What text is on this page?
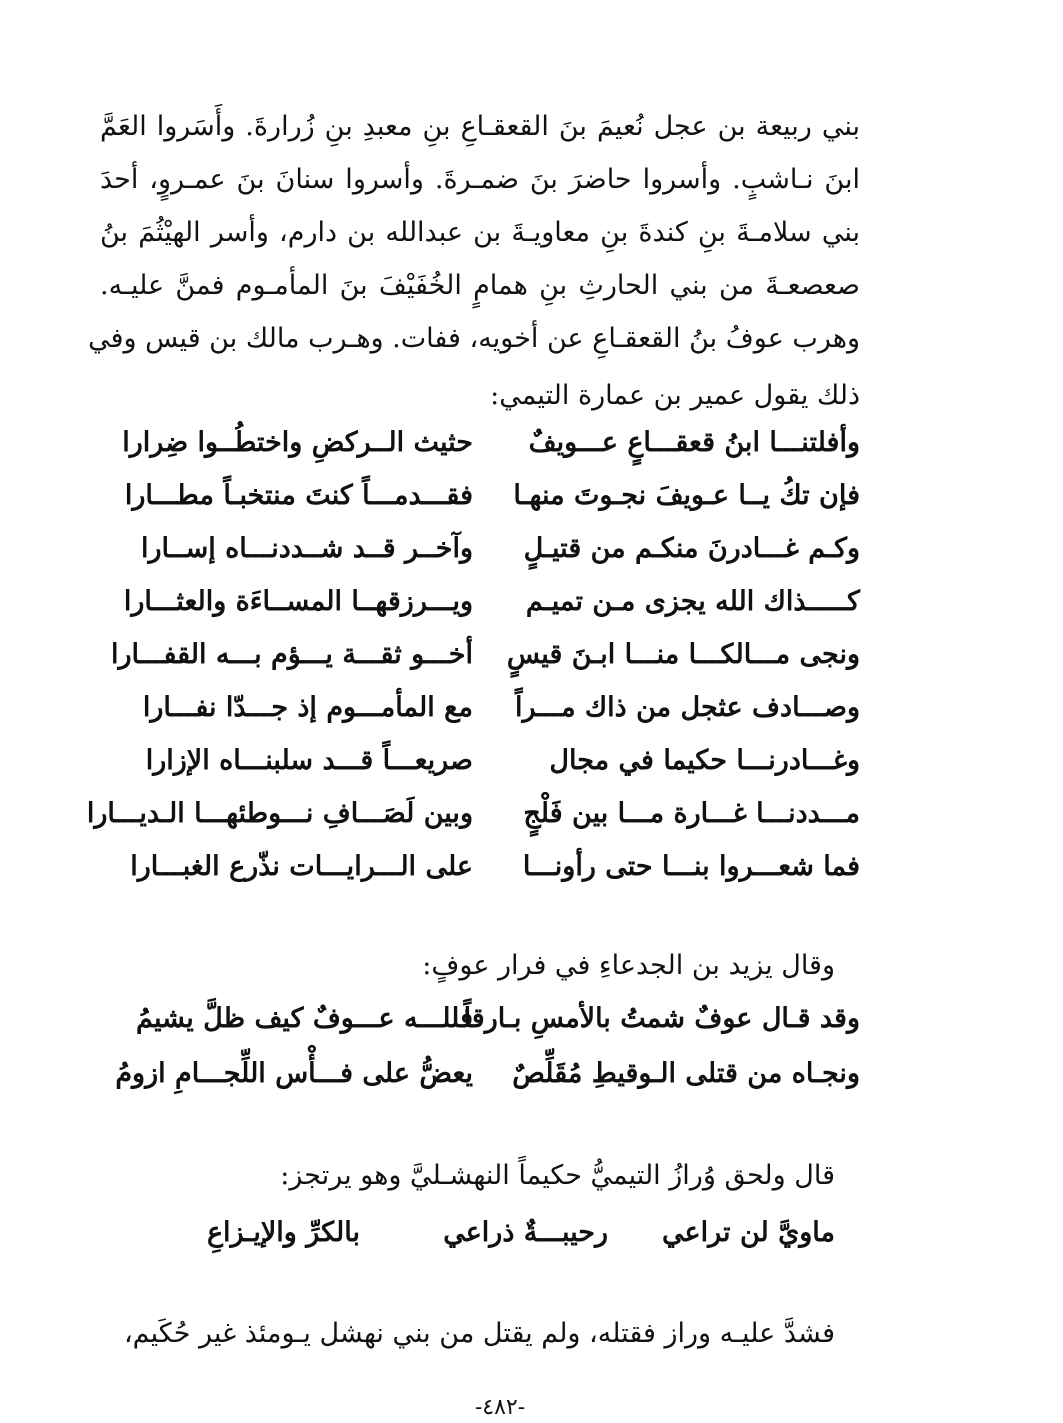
بني ربيعة بن عجل نُعيمَ بنَ القعقـاعِ بنِ معبدِ بنِ زُرارةَ. وأَسَروا العَمَّ
ابنَ نـاشبٍ. وأسروا حاضرَ بنَ ضمـرةَ. وأسروا سنانَ بنَ عمـروٍ، أحدَ
بني سلامـةَ بنِ كندةَ بنِ معاويـةَ بن عبدالله بن دارم، وأسر الهيْثُمَ بنُ
صعصعـةَ من بني الحارثِ بنِ همامٍ الخُفَيْفَ بنَ المأمـوم فمنَّ عليـه.
وهرب عوفُ بنُ القعقـاعِ عن أخويه، ففات. وهـرب مالك بن قيس وفي
ذلك يقول عمير بن عمارة التيمي:
وأفلتنـــا ابنُ قعقـــاعٍ عـــويفٌ
حثيث الــركضِ واختطُــوا ضِرارا
فإن تكُ يــا عـويفَ نجـوتَ منهـا
فقـــدمـــاً كنتَ منتخبـاً مطـــارا
وكـم غـــادرنَ منكـم من قتيـلٍ
وآخــر قــد شــددنـــاه إســارا
كـــــذاك الله يجزى مـن تميـم
ويـــرزقهــا المســاءَة والعثـــارا
ونجى مـــالكـــا منـــا ابـنَ قيسٍ
أخـــو ثقـــة يـــؤم بـــه القفـــارا
وصـــادف عثجل من ذاك مـــراً
مع المأمـــوم إذ جـــدّا نفـــارا
وغـــادرنـــا حكيما في مجال
صريعـــاً قـــد سلبنـــاه الإزارا
مـــددنـــا غـــارة مـــا بين فَلْجٍ
وبين لَصَـــافِ نـــوطئهـــا الـديـــارا
فما شعـــروا بنـــا حتى رأونـــا
على الـــرايـــات نذّرع الغبـــارا
وقال يزيد بن الجدعاءِ في فرار عوفٍ:
وقد قـال عوفٌ شمتُ بالأمسِ بـارقاً
فللـــه عـــوفٌ كيف ظلَّ يشيمُ
ونجـاه من قتلى الـوقيطِ مُقَلِّصٌ
يعضُّ على فـــأْس اللِّجـــامِ ازومُ
قال ولحق وُرازُ التيميُّ حكيماً النهشـليَّ وهو يرتجز:
ماويَّ لن تراعي
رحيبـــةٌ ذراعي
بالكرِّ والإيـزاعِ
فشدَّ عليـه وراز فقتله، ولم يقتل من بني نهشل يـومئذ غير حُكَيم،
-٤٨٢-
